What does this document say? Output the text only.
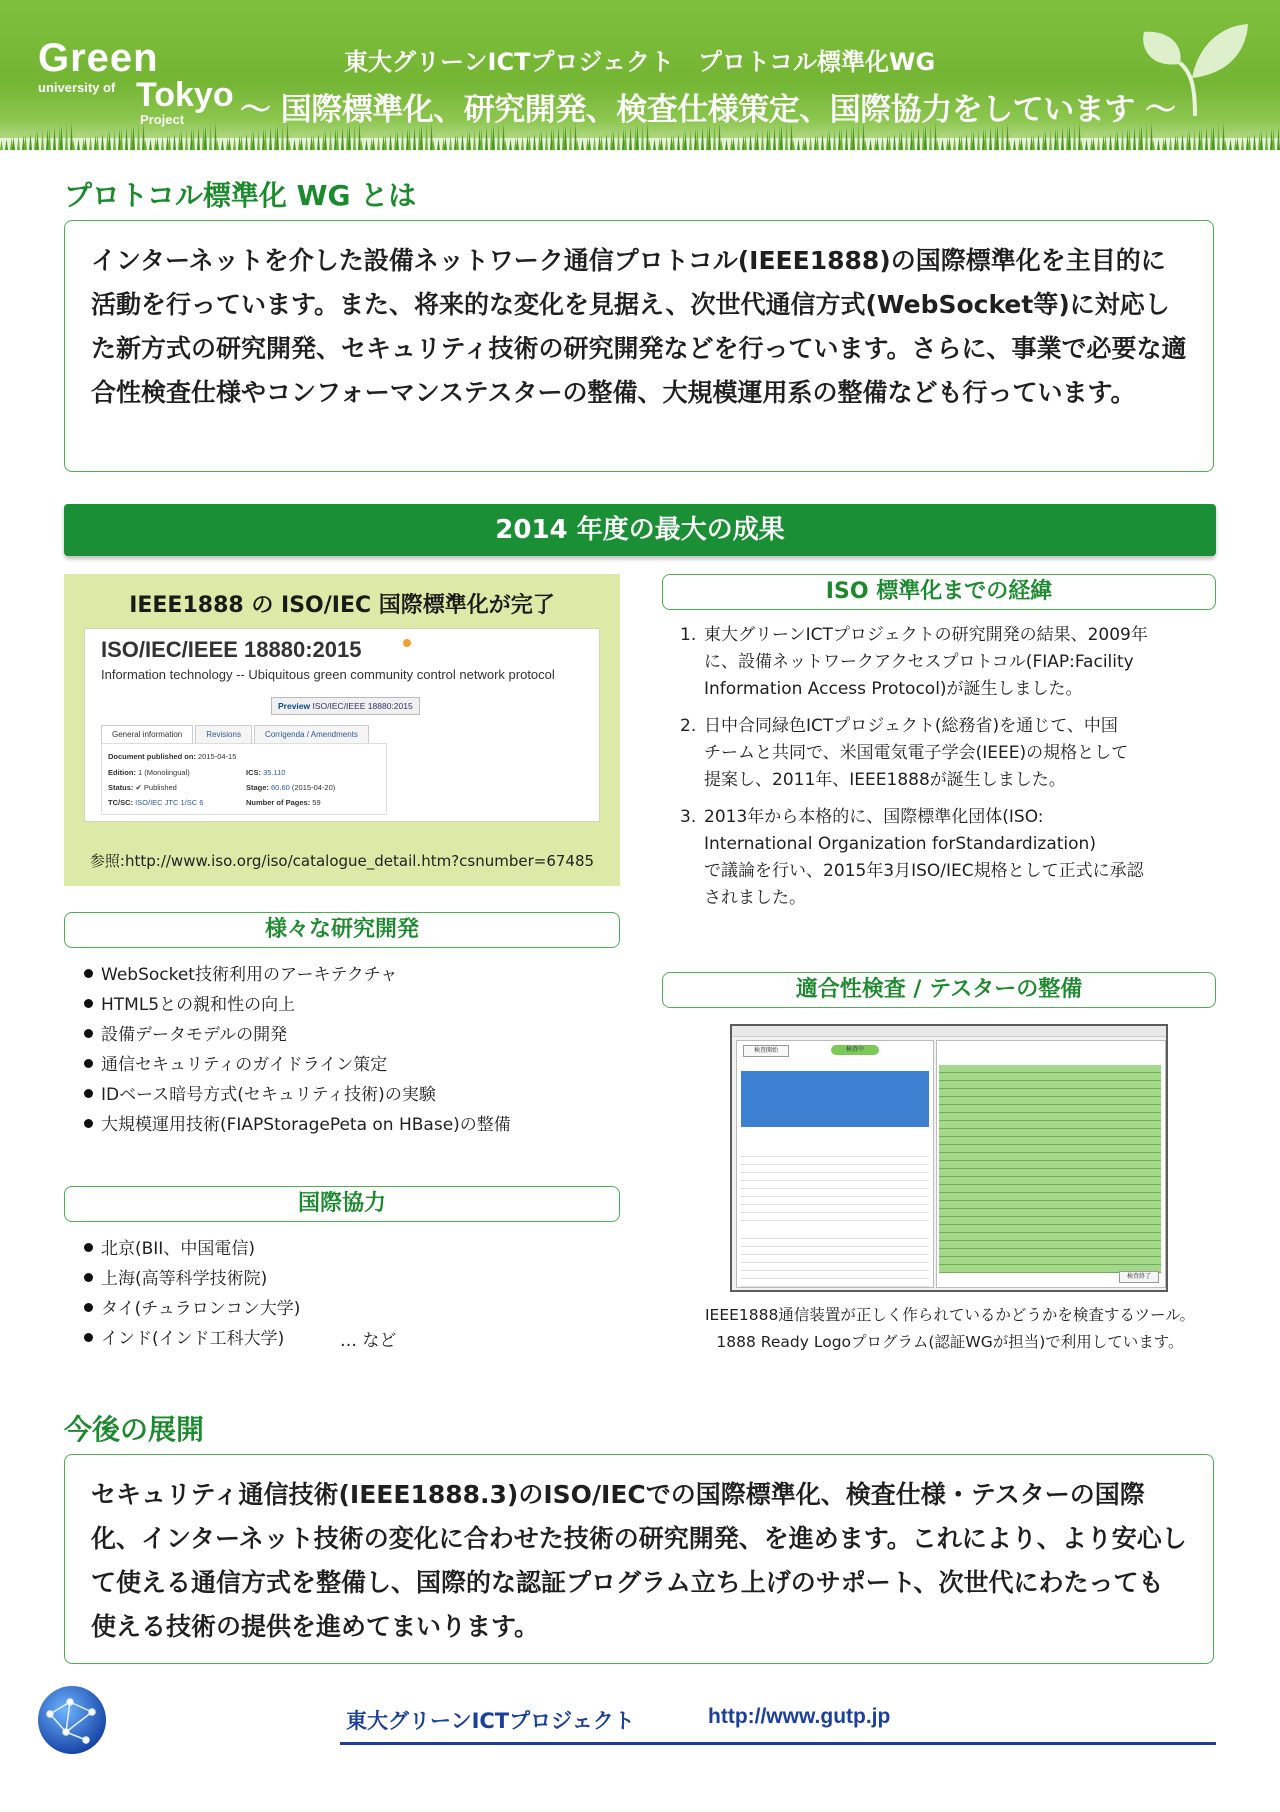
Green
university of Tokyo
Project
東大グリーンICTプロジェクト　プロトコル標準化WG
～ 国際標準化、研究開発、検査仕様策定、国際協力をしています ～
プロトコル標準化 WG とは
インターネットを介した設備ネットワーク通信プロトコル(IEEE1888)の国際標準化を主目的に活動を行っています。また、将来的な変化を見据え、次世代通信方式(WebSocket等)に対応した新方式の研究開発、セキュリティ技術の研究開発などを行っています。さらに、事業で必要な適合性検査仕様やコンフォーマンステスターの整備、大規模運用系の整備なども行っています。
2014 年度の最大の成果
IEEE1888 の ISO/IEC 国際標準化が完了
ISO/IEC/IEEE 18880:2015
Information technology -- Ubiquitous green community control network protocol
Preview ISO/IEC/IEEE 18880:2015
General information	Revisions	Corrigenda / Amendments
Document published on: 2015-04-15
Edition: 1 (Monolingual)	ICS: 35.110
Status: ✔ Published	Stage: 60.60 (2015-04-20)
TC/SC: ISO/IEC JTC 1/SC 6	Number of Pages: 59
参照:http://www.iso.org/iso/catalogue_detail.htm?csnumber=67485
ISO 標準化までの経緯
1. 東大グリーンICTプロジェクトの研究開発の結果、2009年
に、設備ネットワークアクセスプロトコル(FIAP:Facility
Information Access Protocol)が誕生しました。
2. 日中合同緑色ICTプロジェクト(総務省)を通じて、中国
チームと共同で、米国電気電子学会(IEEE)の規格として
提案し、2011年、IEEE1888が誕生しました。
3. 2013年から本格的に、国際標準化団体(ISO:
International Organization forStandardization)
で議論を行い、2015年3月ISO/IEC規格として正式に承認
されました。
様々な研究開発
WebSocket技術利用のアーキテクチャ
HTML5との親和性の向上
設備データモデルの開発
通信セキュリティのガイドライン策定
IDベース暗号方式(セキュリティ技術)の実験
大規模運用技術(FIAPStoragePeta on HBase)の整備
国際協力
北京(BII、中国電信)
上海(高等科学技術院)
タイ(チュラロンコン大学)
インド(インド工科大学)	… など
適合性検査 / テスターの整備
検査開始	検査中
検査終了
IEEE1888通信装置が正しく作られているかどうかを検査するツール。
1888 Ready Logoプログラム(認証WGが担当)で利用しています。
今後の展開
セキュリティ通信技術(IEEE1888.3)のISO/IECでの国際標準化、検査仕様・テスターの国際化、インターネット技術の変化に合わせた技術の研究開発、を進めます。これにより、より安心して使える通信方式を整備し、国際的な認証プログラム立ち上げのサポート、次世代にわたっても使える技術の提供を進めてまいります。
東大グリーンICTプロジェクト	http://www.gutp.jp
